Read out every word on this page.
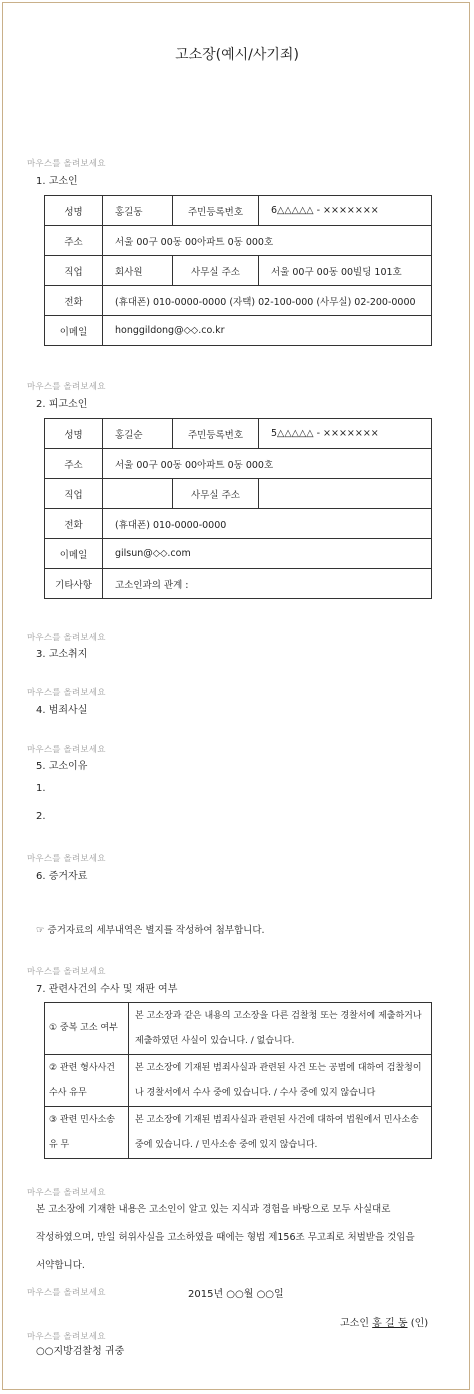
고소장(예시/사기죄)
마우스를 올려보세요
1. 고소인
성명	홍길동	주민등록번호	6△△△△△ - ×××××××
주소	서울 00구 00동 00아파트 0동 000호		
직업	회사원	사무실 주소	서울 00구 00동 00빌딩 101호
전화	(휴대폰) 010-0000-0000 (자택) 02-100-000 (사무실) 02-200-0000		
이메일	honggildong@◇◇.co.kr		
마우스를 올려보세요
2. 피고소인
성명	홍길순	주민등록번호	5△△△△△ - ×××××××
주소	서울 00구 00동 00아파트 0동 000호		
직업		사무실 주소	
전화	(휴대폰) 010-0000-0000		
이메일	gilsun@◇◇.com		
기타사항	고소인과의 관계 :		
마우스를 올려보세요
3. 고소취지
마우스를 올려보세요
4. 범죄사실
마우스를 올려보세요
5. 고소이유
1.
2.
마우스를 올려보세요
6. 증거자료
☞ 증거자료의 세부내역은 별지를 작성하여 첨부합니다.
마우스를 올려보세요
7. 관련사건의 수사 및 재판 여부
① 중복 고소 여부	본 고소장과 같은 내용의 고소장을 다른 검찰청 또는 경찰서에 제출하거나 제출하였던 사실이 있습니다. / 없습니다.
② 관련 형사사건 수사 유무	본 고소장에 기재된 범죄사실과 관련된 사건 또는 공범에 대하여 검찰청이나 경찰서에서 수사 중에 있습니다. / 수사 중에 있지 않습니다
③ 관련 민사소송 유 무	본 고소장에 기재된 범죄사실과 관련된 사건에 대하여 법원에서 민사소송 중에 있습니다. / 민사소송 중에 있지 않습니다.
마우스를 올려보세요
본 고소장에 기재한 내용은 고소인이 알고 있는 지식과 경험을 바탕으로 모두 사실대로
작성하였으며, 만일 허위사실을 고소하였을 때에는 형법 제156조 무고죄로 처벌받을 것임을
서약합니다.
마우스를 올려보세요	2015년 ○○월 ○○일
고소인 홍 길 동 (인)
마우스를 올려보세요
○○지방검찰청 귀중
